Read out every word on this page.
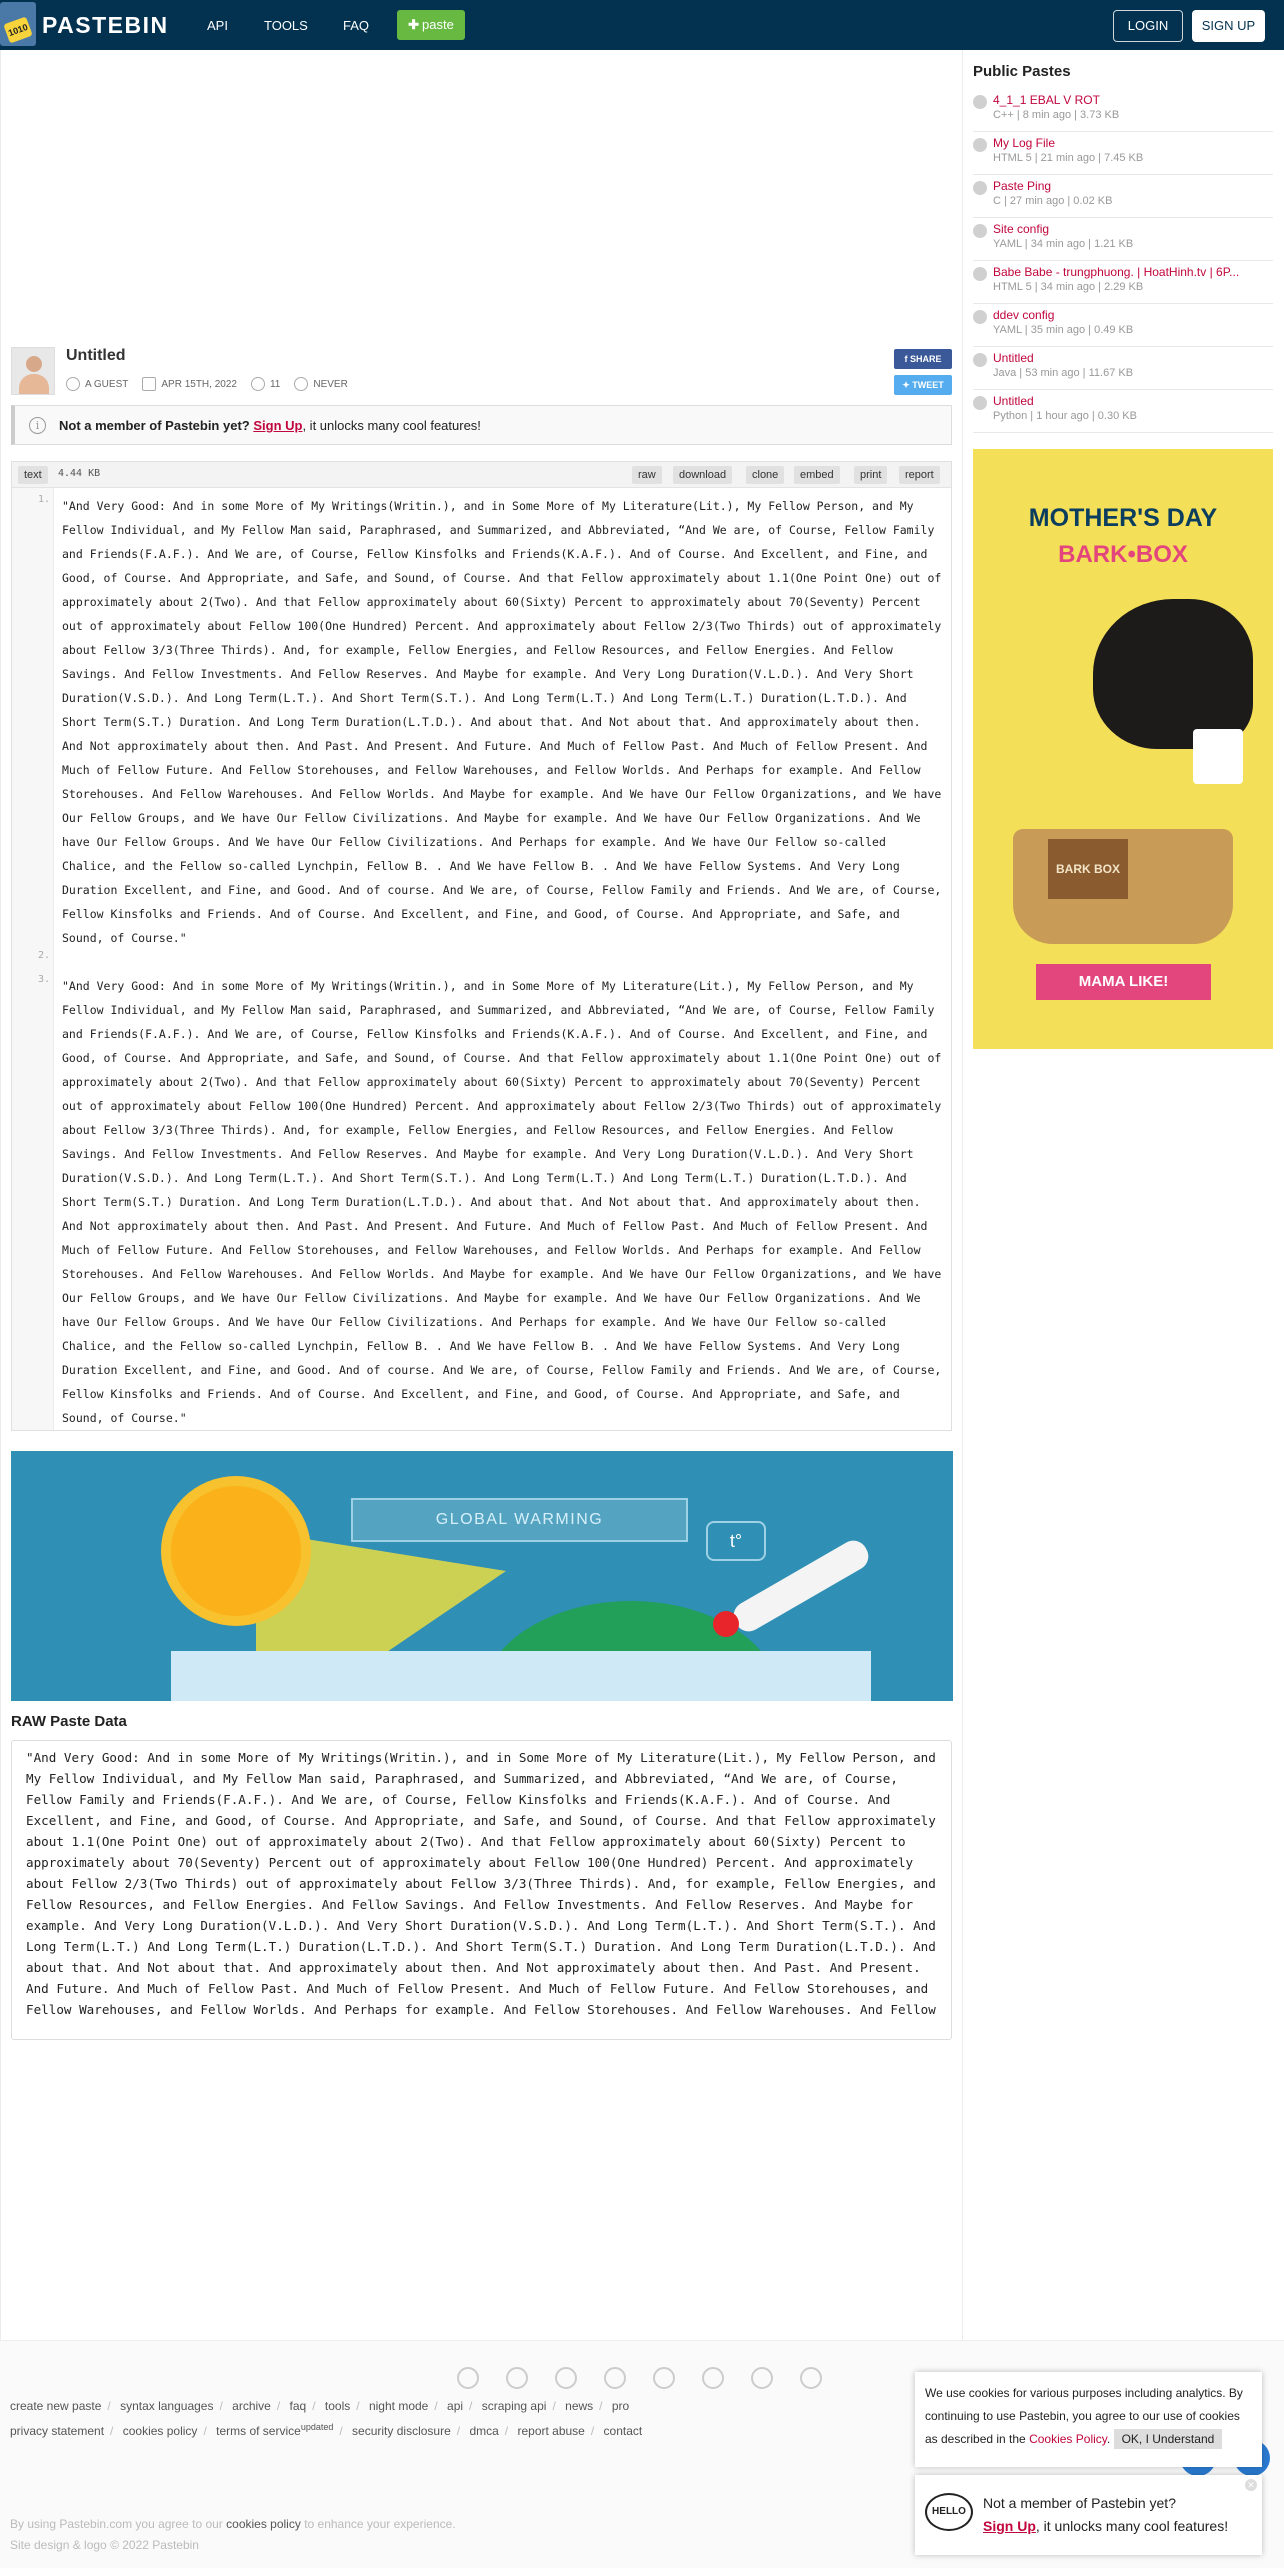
1010 PASTEBIN	API	TOOLS	FAQ	✚ paste	LOGIN	SIGN UP
Untitled
A GUEST	APR 15TH, 2022	11	NEVER
f SHARE
✦ TWEET
i	Not a member of Pastebin yet? Sign Up, it unlocks many cool features!
text	4.44 KB	raw	download	clone	embed	print	report
1.
2.
3.
"And Very Good: And in some More of My Writings(Writin.), and in Some More of My Literature(Lit.), My Fellow Person, and My Fellow Individual, and My Fellow Man said, Paraphrased, and Summarized, and Abbreviated, “And We are, of Course, Fellow Family and Friends(F.A.F.). And We are, of Course, Fellow Kinsfolks and Friends(K.A.F.). And of Course. And Excellent, and Fine, and Good, of Course. And Appropriate, and Safe, and Sound, of Course. And that Fellow approximately about 1.1(One Point One) out of approximately about 2(Two). And that Fellow approximately about 60(Sixty) Percent to approximately about 70(Seventy) Percent out of approximately about Fellow 100(One Hundred) Percent. And approximately about Fellow 2/3(Two Thirds) out of approximately about Fellow 3/3(Three Thirds). And, for example, Fellow Energies, and Fellow Resources, and Fellow Energies. And Fellow Savings. And Fellow Investments. And Fellow Reserves. And Maybe for example. And Very Long Duration(V.L.D.). And Very Short Duration(V.S.D.). And Long Term(L.T.). And Short Term(S.T.). And Long Term(L.T.) And Long Term(L.T.) Duration(L.T.D.). And Short Term(S.T.) Duration. And Long Term Duration(L.T.D.). And about that. And Not about that. And approximately about then. And Not approximately about then. And Past. And Present. And Future. And Much of Fellow Past. And Much of Fellow Present. And Much of Fellow Future. And Fellow Storehouses, and Fellow Warehouses, and Fellow Worlds. And Perhaps for example. And Fellow Storehouses. And Fellow Warehouses. And Fellow Worlds. And Maybe for example. And We have Our Fellow Organizations, and We have Our Fellow Groups, and We have Our Fellow Civilizations. And Maybe for example. And We have Our Fellow Organizations. And We have Our Fellow Groups. And We have Our Fellow Civilizations. And Perhaps for example. And We have Our Fellow so-called Chalice, and the Fellow so-called Lynchpin, Fellow B. . And We have Fellow B. . And We have Fellow Systems. And Very Long Duration Excellent, and Fine, and Good. And of course. And We are, of Course, Fellow Family and Friends. And We are, of Course, Fellow Kinsfolks and Friends. And of Course. And Excellent, and Fine, and Good, of Course. And Appropriate, and Safe, and Sound, of Course."
"And Very Good: And in some More of My Writings(Writin.), and in Some More of My Literature(Lit.), My Fellow Person, and My Fellow Individual, and My Fellow Man said, Paraphrased, and Summarized, and Abbreviated, “And We are, of Course, Fellow Family and Friends(F.A.F.). And We are, of Course, Fellow Kinsfolks and Friends(K.A.F.). And of Course. And Excellent, and Fine, and Good, of Course. And Appropriate, and Safe, and Sound, of Course. And that Fellow approximately about 1.1(One Point One) out of approximately about 2(Two). And that Fellow approximately about 60(Sixty) Percent to approximately about 70(Seventy) Percent out of approximately about Fellow 100(One Hundred) Percent. And approximately about Fellow 2/3(Two Thirds) out of approximately about Fellow 3/3(Three Thirds). And, for example, Fellow Energies, and Fellow Resources, and Fellow Energies. And Fellow Savings. And Fellow Investments. And Fellow Reserves. And Maybe for example. And Very Long Duration(V.L.D.). And Very Short Duration(V.S.D.). And Long Term(L.T.). And Short Term(S.T.). And Long Term(L.T.) And Long Term(L.T.) Duration(L.T.D.). And Short Term(S.T.) Duration. And Long Term Duration(L.T.D.). And about that. And Not about that. And approximately about then. And Not approximately about then. And Past. And Present. And Future. And Much of Fellow Past. And Much of Fellow Present. And Much of Fellow Future. And Fellow Storehouses, and Fellow Warehouses, and Fellow Worlds. And Perhaps for example. And Fellow Storehouses. And Fellow Warehouses. And Fellow Worlds. And Maybe for example. And We have Our Fellow Organizations, and We have Our Fellow Groups, and We have Our Fellow Civilizations. And Maybe for example. And We have Our Fellow Organizations. And We have Our Fellow Groups. And We have Our Fellow Civilizations. And Perhaps for example. And We have Our Fellow so-called Chalice, and the Fellow so-called Lynchpin, Fellow B. . And We have Fellow B. . And We have Fellow Systems. And Very Long Duration Excellent, and Fine, and Good. And of course. And We are, of Course, Fellow Family and Friends. And We are, of Course, Fellow Kinsfolks and Friends. And of Course. And Excellent, and Fine, and Good, of Course. And Appropriate, and Safe, and Sound, of Course."
GLOBAL WARMING
t°
RAW Paste Data
"And Very Good: And in some More of My Writings(Writin.), and in Some More of My Literature(Lit.), My Fellow Person, and My Fellow Individual, and My Fellow Man said, Paraphrased, and Summarized, and Abbreviated, “And We are, of Course, Fellow Family and Friends(F.A.F.). And We are, of Course, Fellow Kinsfolks and Friends(K.A.F.). And of Course. And Excellent, and Fine, and Good, of Course. And Appropriate, and Safe, and Sound, of Course. And that Fellow approximately about 1.1(One Point One) out of approximately about 2(Two). And that Fellow approximately about 60(Sixty) Percent to approximately about 70(Seventy) Percent out of approximately about Fellow 100(One Hundred) Percent. And approximately about Fellow 2/3(Two Thirds) out of approximately about Fellow 3/3(Three Thirds). And, for example, Fellow Energies, and Fellow Resources, and Fellow Energies. And Fellow Savings. And Fellow Investments. And Fellow Reserves. And Maybe for example. And Very Long Duration(V.L.D.). And Very Short Duration(V.S.D.). And Long Term(L.T.). And Short Term(S.T.). And Long Term(L.T.) And Long Term(L.T.) Duration(L.T.D.). And Short Term(S.T.) Duration. And Long Term Duration(L.T.D.). And about that. And Not about that. And approximately about then. And Not approximately about then. And Past. And Present. And Future. And Much of Fellow Past. And Much of Fellow Present. And Much of Fellow Future. And Fellow Storehouses, and Fellow Warehouses, and Fellow Worlds. And Perhaps for example. And Fellow Storehouses. And Fellow Warehouses. And Fellow
Public Pastes
4_1_1 EBAL V ROT
C++ | 8 min ago | 3.73 KB
My Log File
HTML 5 | 21 min ago | 7.45 KB
Paste Ping
C | 27 min ago | 0.02 KB
Site config
YAML | 34 min ago | 1.21 KB
Babe Babe - trungphuong. | HoatHinh.tv | 6P...
HTML 5 | 34 min ago | 2.29 KB
ddev config
YAML | 35 min ago | 0.49 KB
Untitled
Java | 53 min ago | 11.67 KB
Untitled
Python | 1 hour ago | 0.30 KB
MOTHER'S DAY
BARK•BOX
BARK BOX
MAMA LIKE!
create new paste / syntax languages / archive / faq / tools / night mode / api / scraping api / news / pro
privacy statement / cookies policy / terms of service$^{updated}$ / security disclosure / dmca / report abuse / contact
By using Pastebin.com you agree to our cookies policy to enhance your experience.
Site design & logo © 2022 Pastebin
We use cookies for various purposes including analytics. By continuing to use Pastebin, you agree to our use of cookies as described in the Cookies Policy. OK, I Understand
HELLO
Not a member of Pastebin yet?
Sign Up, it unlocks many cool features!
✕
